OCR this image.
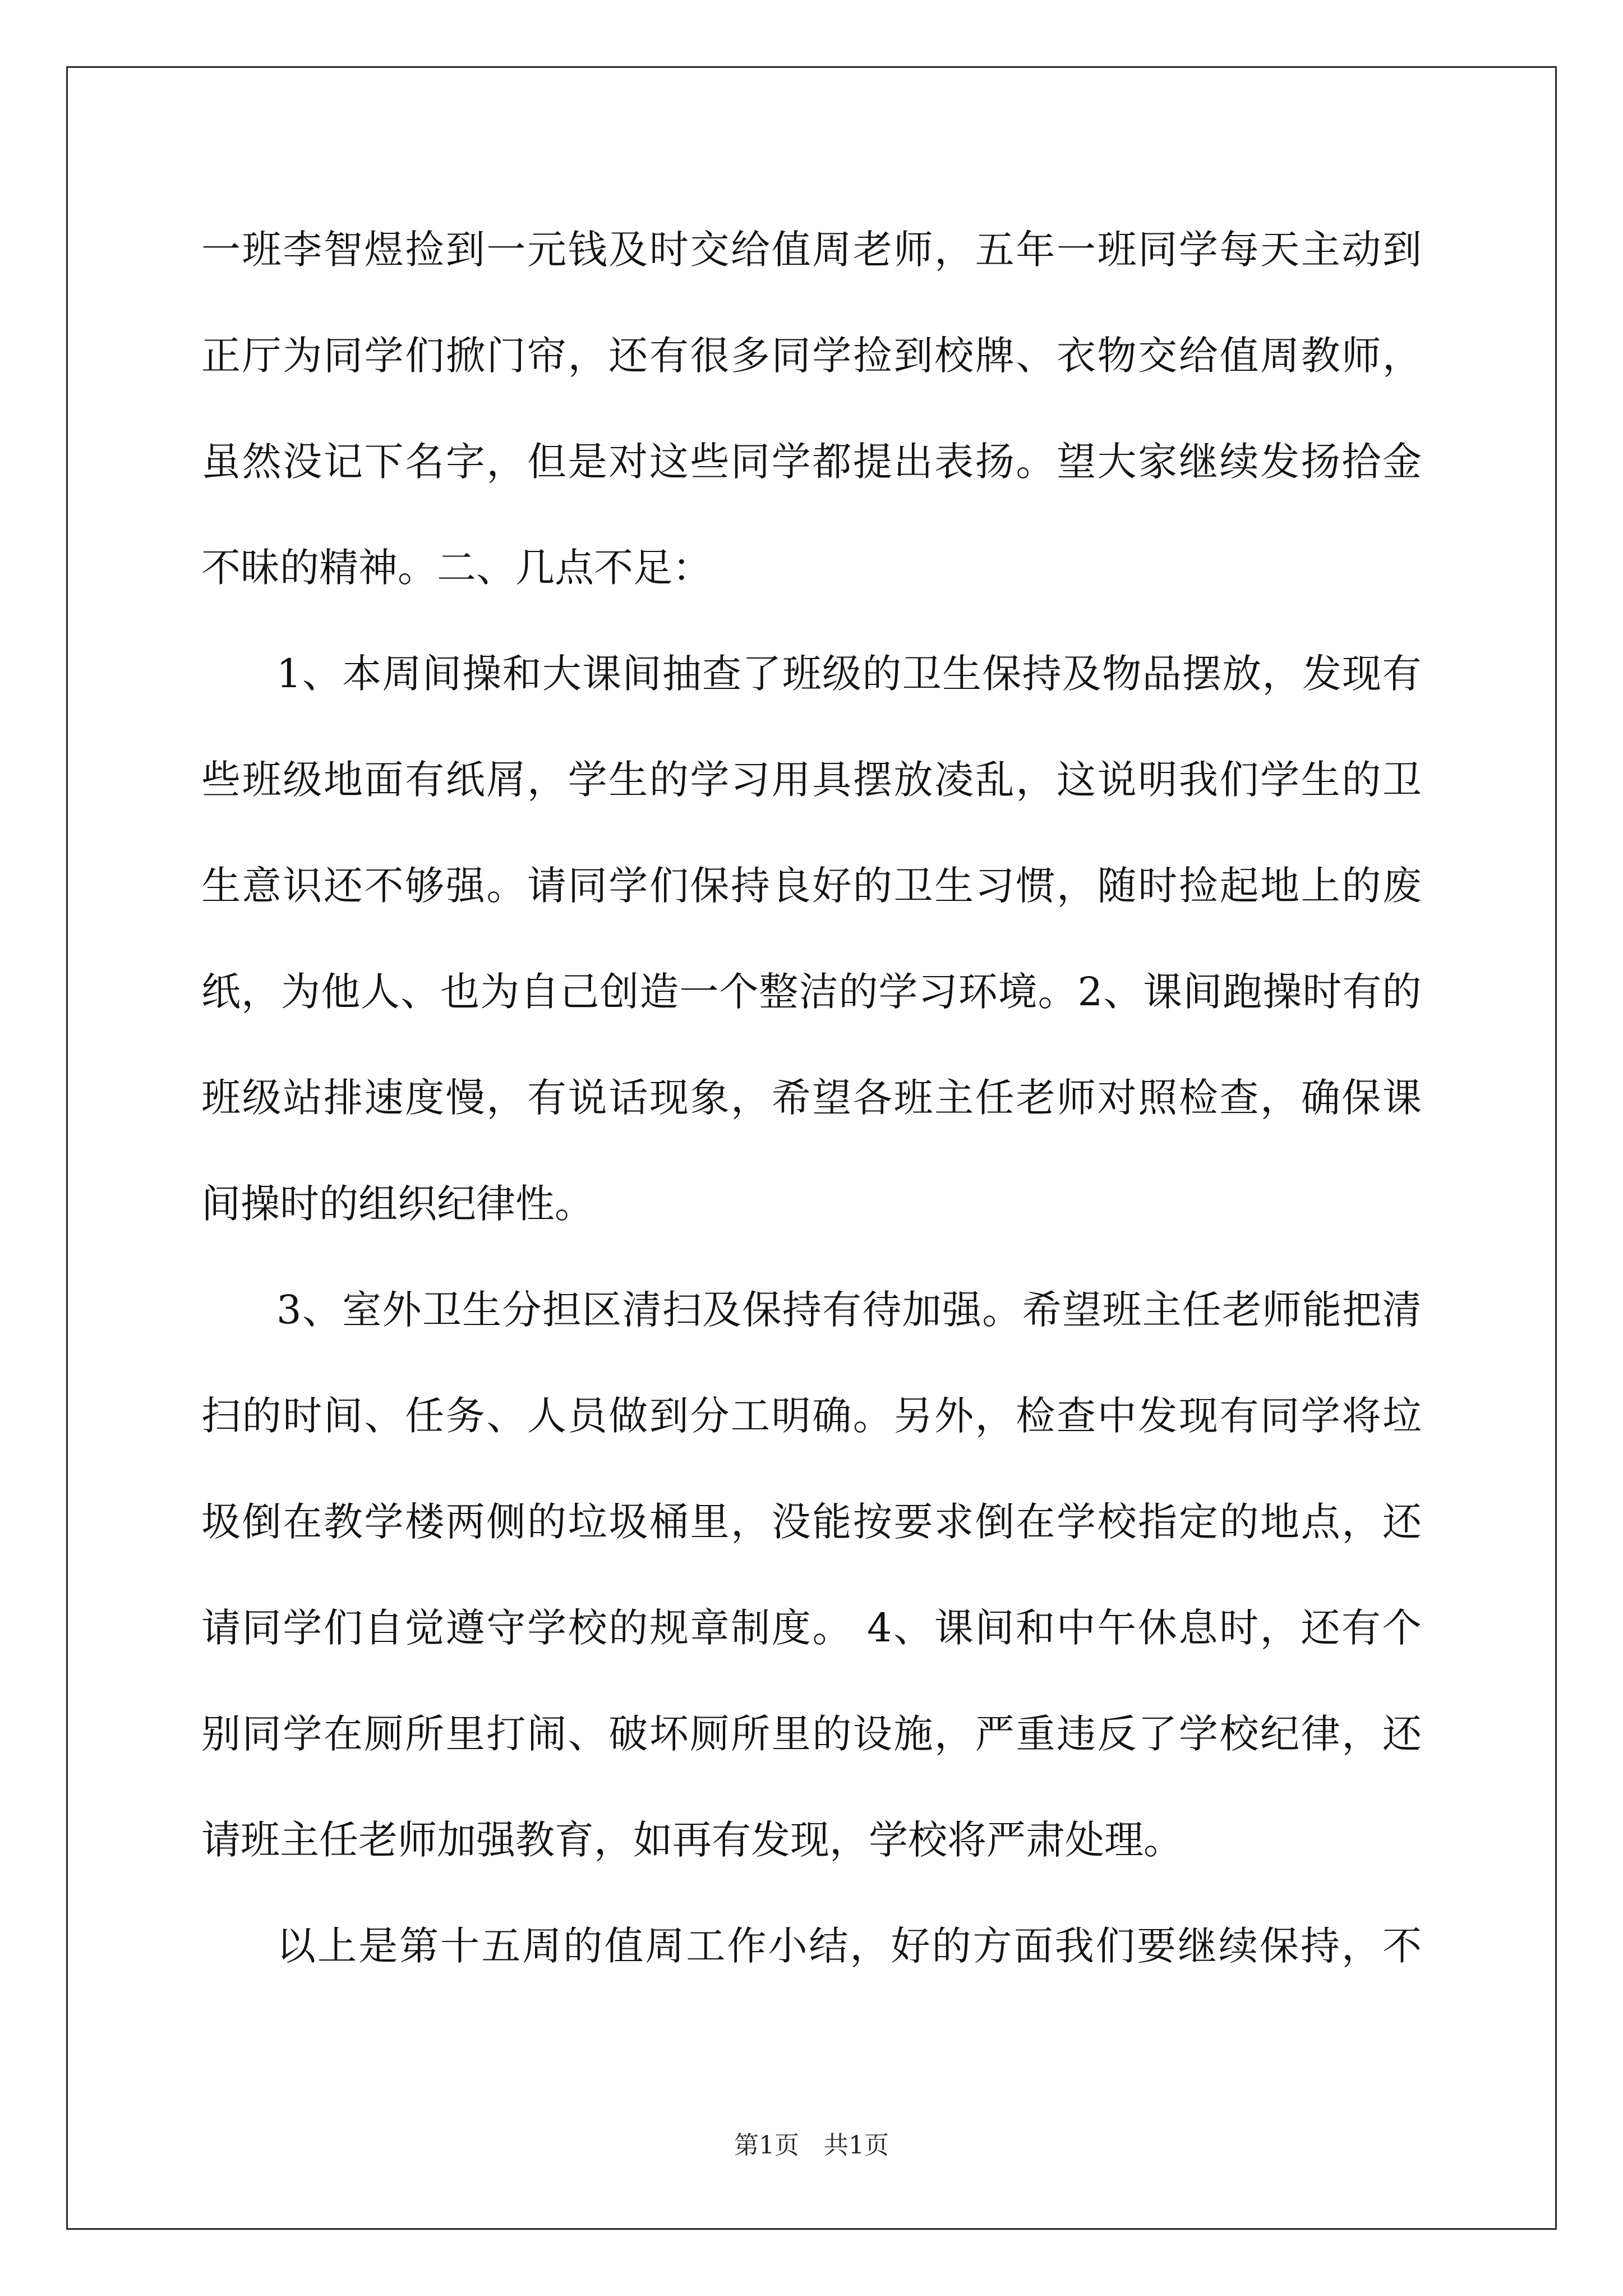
一班李智煜捡到一元钱及时交给值周老师，五年一班同学每天主动到
正厅为同学们掀门帘，还有很多同学捡到校牌、衣物交给值周教师，
虽然没记下名字，但是对这些同学都提出表扬。望大家继续发扬拾金
不昧的精神。二、几点不足：
1、本周间操和大课间抽查了班级的卫生保持及物品摆放，发现有
些班级地面有纸屑，学生的学习用具摆放凌乱，这说明我们学生的卫
生意识还不够强。请同学们保持良好的卫生习惯，随时捡起地上的废
纸，为他人、也为自己创造一个整洁的学习环境。2、课间跑操时有的
班级站排速度慢，有说话现象，希望各班主任老师对照检查，确保课
间操时的组织纪律性。
3、室外卫生分担区清扫及保持有待加强。希望班主任老师能把清
扫的时间、任务、人员做到分工明确。另外，检查中发现有同学将垃
圾倒在教学楼两侧的垃圾桶里，没能按要求倒在学校指定的地点，还
请同学们自觉遵守学校的规章制度。 4、课间和中午休息时，还有个
别同学在厕所里打闹、破坏厕所里的设施，严重违反了学校纪律，还
请班主任老师加强教育，如再有发现，学校将严肃处理。
以上是第十五周的值周工作小结，好的方面我们要继续保持，不
第1页　共1页
